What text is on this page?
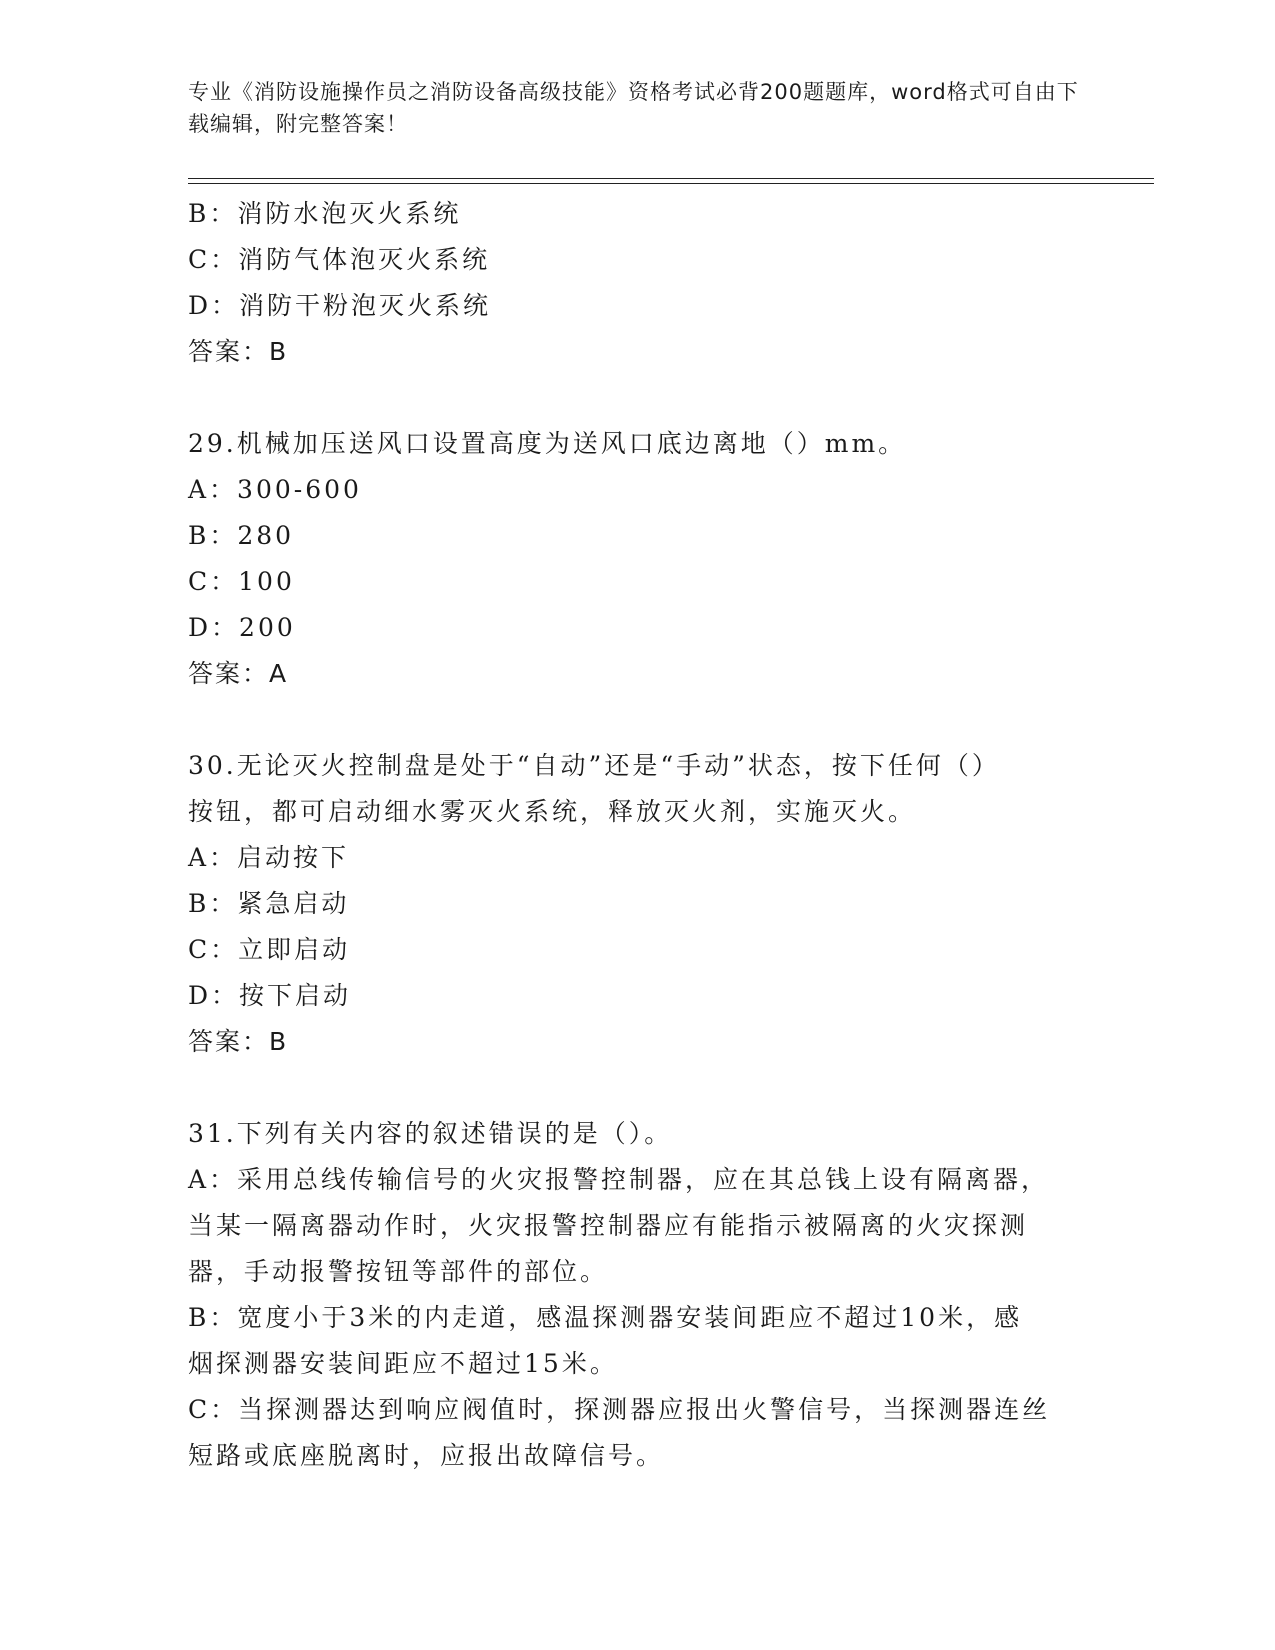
专业《消防设施操作员之消防设备高级技能》资格考试必背200题题库，word格式可自由下载编辑，附完整答案！
B：消防水泡灭火系统
C：消防气体泡灭火系统
D：消防干粉泡灭火系统
答案：B
29.机械加压送风口设置高度为送风口底边离地（）mm。
A：300-600
B：280
C：100
D：200
答案：A
30.无论灭火控制盘是处于“自动”还是“手动”状态，按下任何（）
按钮，都可启动细水雾灭火系统，释放灭火剂，实施灭火。
A：启动按下
B：紧急启动
C：立即启动
D：按下启动
答案：B
31.下列有关内容的叙述错误的是（）。
A：采用总线传输信号的火灾报警控制器，应在其总钱上设有隔离器，
当某一隔离器动作时，火灾报警控制器应有能指示被隔离的火灾探测
器，手动报警按钮等部件的部位。
B：宽度小于3米的内走道，感温探测器安装间距应不超过10米，感
烟探测器安装间距应不超过15米。
C：当探测器达到响应阀值时，探测器应报出火警信号，当探测器连丝
短路或底座脱离时，应报出故障信号。
